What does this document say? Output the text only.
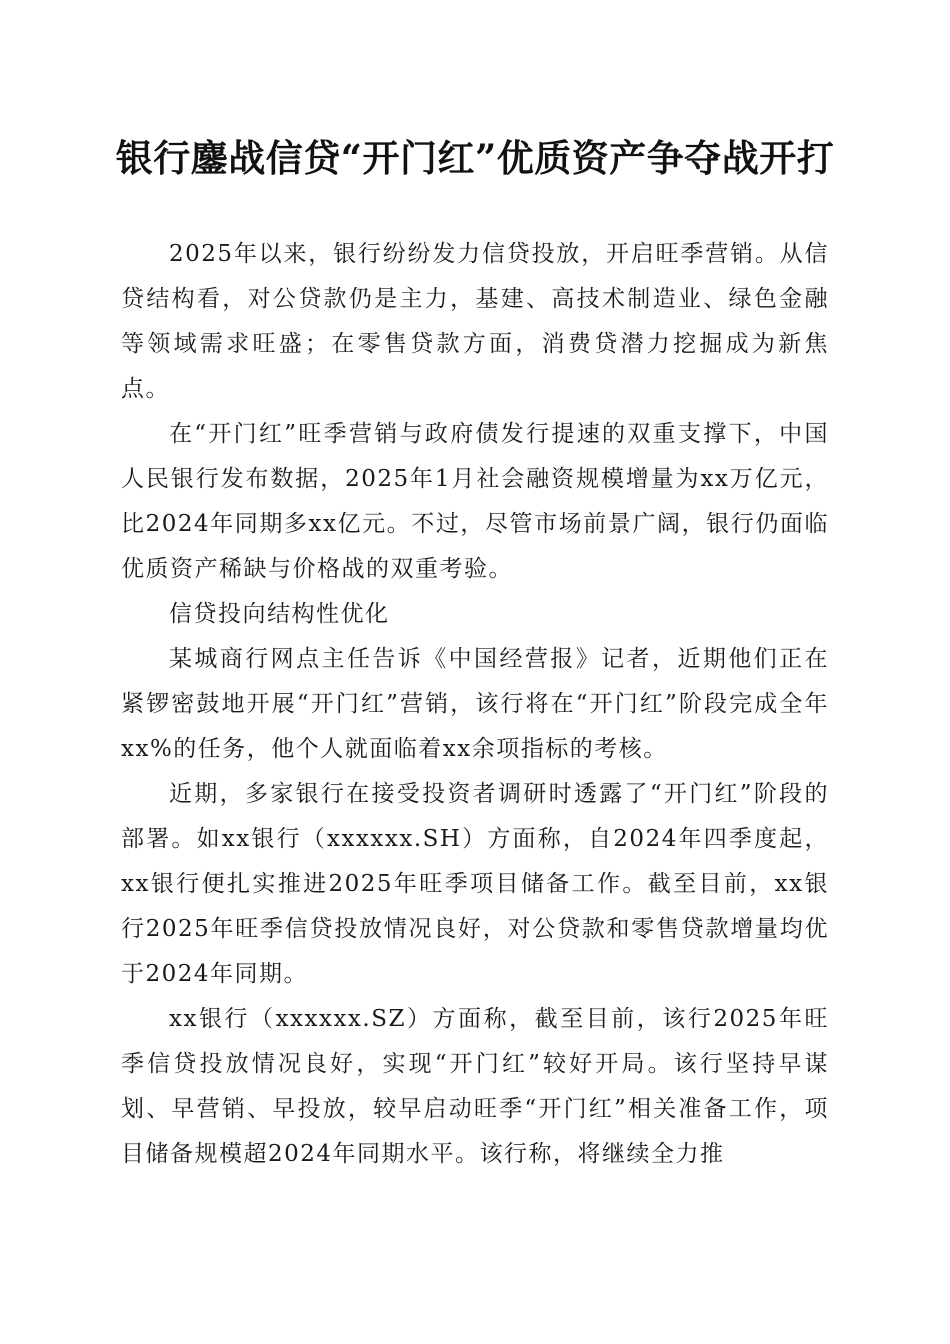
银行鏖战信贷“开门红”优质资产争夺战开打

2025年以来，银行纷纷发力信贷投放，开启旺季营销。从信贷结构看，对公贷款仍是主力，基建、高技术制造业、绿色金融等领域需求旺盛；在零售贷款方面，消费贷潜力挖掘成为新焦点。

在“开门红”旺季营销与政府债发行提速的双重支撑下，中国人民银行发布数据，2025年1月社会融资规模增量为xx万亿元，比2024年同期多xx亿元。不过，尽管市场前景广阔，银行仍面临优质资产稀缺与价格战的双重考验。

信贷投向结构性优化

某城商行网点主任告诉《中国经营报》记者，近期他们正在紧锣密鼓地开展“开门红”营销，该行将在“开门红”阶段完成全年xx%的任务，他个人就面临着xx余项指标的考核。

近期，多家银行在接受投资者调研时透露了“开门红”阶段的部署。如xx银行（xxxxxx.SH）方面称，自2024年四季度起，xx银行便扎实推进2025年旺季项目储备工作。截至目前，xx银行2025年旺季信贷投放情况良好，对公贷款和零售贷款增量均优于2024年同期。

xx银行（xxxxxx.SZ）方面称，截至目前，该行2025年旺季信贷投放情况良好，实现“开门红”较好开局。该行坚持早谋划、早营销、早投放，较早启动旺季“开门红”相关准备工作，项目储备规模超2024年同期水平。该行称，将继续全力推
